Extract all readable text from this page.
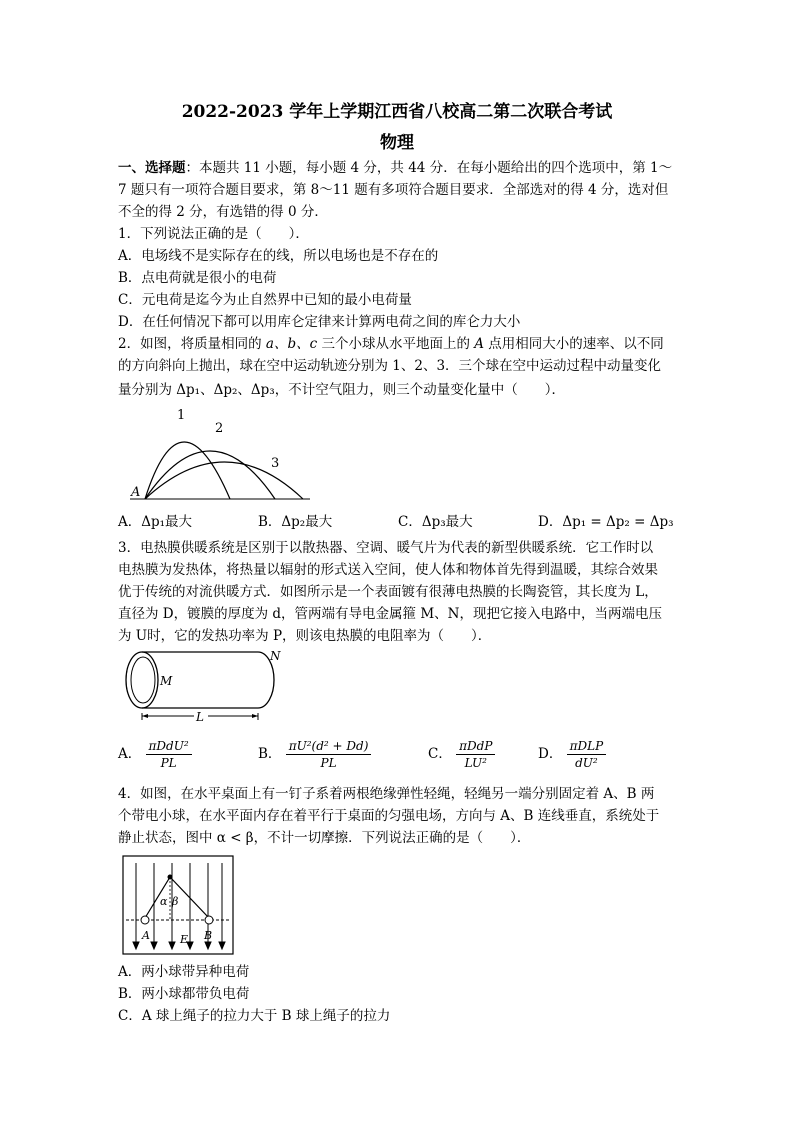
2022-2023 学年上学期江西省八校高二第二次联合考试
物理
一、选择题：本题共 11 小题，每小题 4 分，共 44 分．在每小题给出的四个选项中，第 1～
7 题只有一项符合题目要求，第 8～11 题有多项符合题目要求．全部选对的得 4 分，选对但
不全的得 2 分，有选错的得 0 分．
1．下列说法正确的是（　　）．
A．电场线不是实际存在的线，所以电场也是不存在的
B．点电荷就是很小的电荷
C．元电荷是迄今为止自然界中已知的最小电荷量
D．在任何情况下都可以用库仑定律来计算两电荷之间的库仑力大小
2．如图，将质量相同的 a、b、c 三个小球从水平地面上的 A 点用相同大小的速率、以不同
的方向斜向上抛出，球在空中运动轨迹分别为 1、2、3．三个球在空中运动过程中动量变化
量分别为 Δp₁、Δp₂、Δp₃，不计空气阻力，则三个动量变化量中（　　）．
1
2
3
A
A．Δp₁最大	B．Δp₂最大	C．Δp₃最大	D．Δp₁ = Δp₂ = Δp₃
3．电热膜供暖系统是区别于以散热器、空调、暖气片为代表的新型供暖系统．它工作时以
电热膜为发热体，将热量以辐射的形式送入空间，使人体和物体首先得到温暖，其综合效果
优于传统的对流供暖方式．如图所示是一个表面镀有很薄电热膜的长陶瓷管，其长度为 L，
直径为 D，镀膜的厚度为 d，管两端有导电金属箍 M、N，现把它接入电路中，当两端电压
为 U时，它的发热功率为 P，则该电热膜的电阻率为（　　）．
M
N
L
A． $\frac{\text{πDdU²}}{PL}$	B． $\frac{\text{πU²(d² + Dd)}}{PL}$	C． $\frac{\text{πDdP}}{\text{LU²}}$	D． $\frac{\text{πDLP}}{\text{dU²}}$
4．如图，在水平桌面上有一钉子系着两根绝缘弹性轻绳，轻绳另一端分别固定着 A、B 两
个带电小球，在水平面内存在着平行于桌面的匀强电场，方向与 A、B 连线垂直，系统处于
静止状态，图中 α < β，不计一切摩擦．下列说法正确的是（　　）．
α β
A	B
E
A．两小球带异种电荷
B．两小球都带负电荷
C．A 球上绳子的拉力大于 B 球上绳子的拉力
